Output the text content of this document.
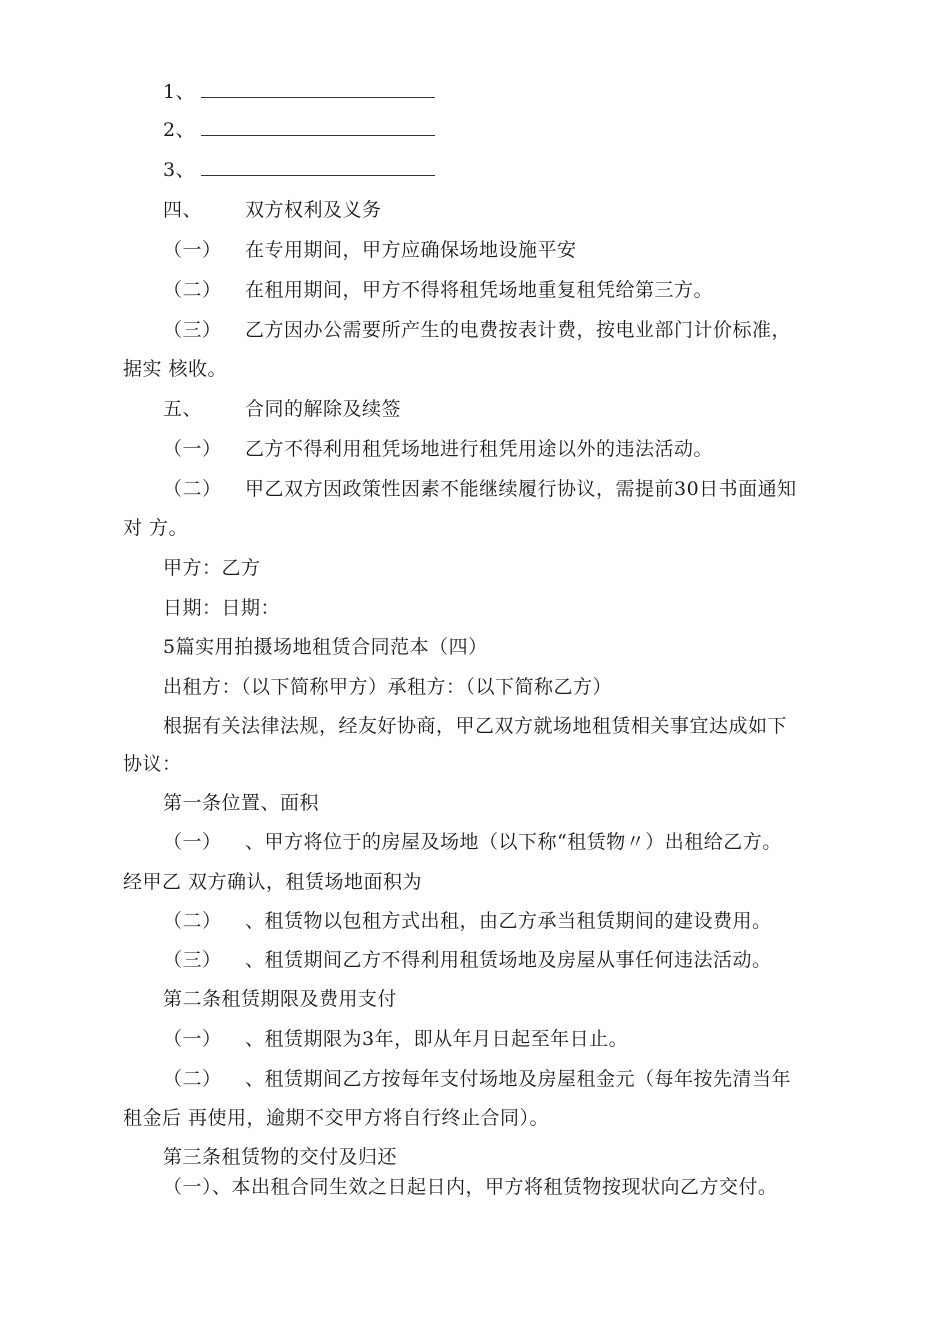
1、
2、
3、
四、 双方权利及义务
（一） 在专用期间，甲方应确保场地设施平安
（二） 在租用期间，甲方不得将租凭场地重复租凭给第三方。
（三） 乙方因办公需要所产生的电费按表计费，按电业部门计价标准，
据实 核收。
五、 合同的解除及续签
（一） 乙方不得利用租凭场地进行租凭用途以外的违法活动。
（二） 甲乙双方因政策性因素不能继续履行协议，需提前30日书面通知
对 方。
甲方：乙方
日期：日期：
5篇实用拍摄场地租赁合同范本（四）
出租方：（以下简称甲方）承租方：（以下简称乙方）
根据有关法律法规，经友好协商，甲乙双方就场地租赁相关事宜达成如下
协议：
第一条位置、面积
（一） 、甲方将位于的房屋及场地（以下称“租赁物〃）出租给乙方。
经甲乙 双方确认，租赁场地面积为
（二） 、租赁物以包租方式出租，由乙方承当租赁期间的建设费用。
（三） 、租赁期间乙方不得利用租赁场地及房屋从事任何违法活动。
第二条租赁期限及费用支付
（一） 、租赁期限为3年，即从年月日起至年日止。
（二） 、租赁期间乙方按每年支付场地及房屋租金元（每年按先清当年
租金后 再使用，逾期不交甲方将自行终止合同）。
第三条租赁物的交付及归还
（一）、本出租合同生效之日起日内，甲方将租赁物按现状向乙方交付。
